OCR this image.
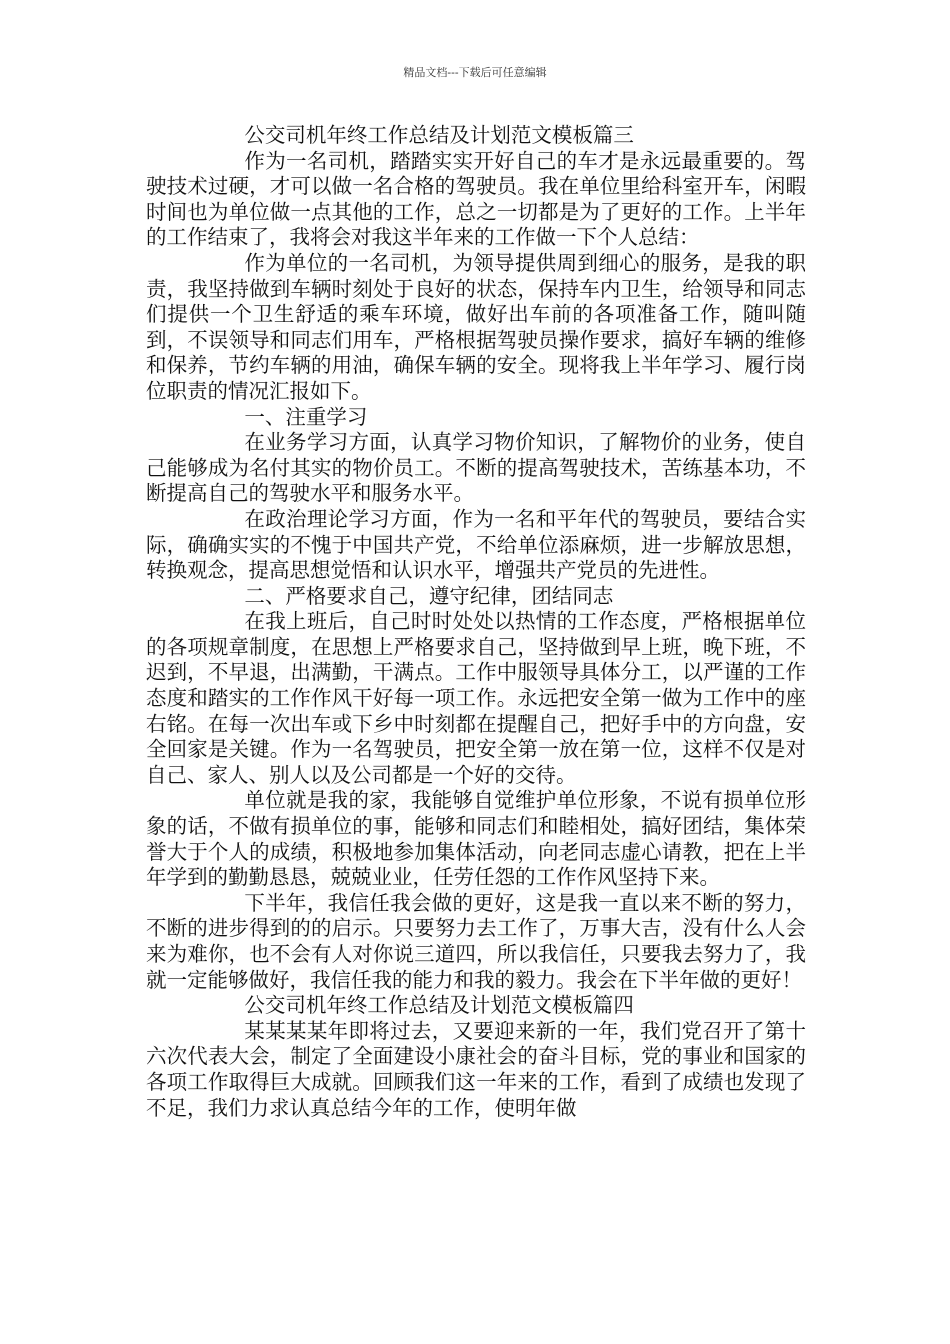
精品文档---下载后可任意编辑

公交司机年终工作总结及计划范文模板篇三

作为一名司机，踏踏实实开好自己的车才是永远最重要的。驾驶技术过硬，才可以做一名合格的驾驶员。我在单位里给科室开车，闲暇时间也为单位做一点其他的工作，总之一切都是为了更好的工作。上半年的工作结束了，我将会对我这半年来的工作做一下个人总结：

作为单位的一名司机，为领导提供周到细心的服务，是我的职责，我坚持做到车辆时刻处于良好的状态，保持车内卫生，给领导和同志们提供一个卫生舒适的乘车环境，做好出车前的各项准备工作，随叫随到，不误领导和同志们用车，严格根据驾驶员操作要求，搞好车辆的维修和保养，节约车辆的用油，确保车辆的安全。现将我上半年学习、履行岗位职责的情况汇报如下。

一、注重学习

在业务学习方面，认真学习物价知识，了解物价的业务，使自己能够成为名付其实的物价员工。不断的提高驾驶技术，苦练基本功，不断提高自己的驾驶水平和服务水平。

在政治理论学习方面，作为一名和平年代的驾驶员，要结合实际，确确实实的不愧于中国共产党，不给单位添麻烦，进一步解放思想，转换观念，提高思想觉悟和认识水平，增强共产党员的先进性。

二、严格要求自己，遵守纪律，团结同志

在我上班后，自己时时处处以热情的工作态度，严格根据单位的各项规章制度，在思想上严格要求自己，坚持做到早上班，晚下班，不迟到，不早退，出满勤，干满点。工作中服领导具体分工，以严谨的工作态度和踏实的工作作风干好每一项工作。永远把安全第一做为工作中的座右铭。在每一次出车或下乡中时刻都在提醒自己，把好手中的方向盘，安全回家是关键。作为一名驾驶员，把安全第一放在第一位，这样不仅是对自己、家人、别人以及公司都是一个好的交待。

单位就是我的家，我能够自觉维护单位形象，不说有损单位形象的话，不做有损单位的事，能够和同志们和睦相处，搞好团结，集体荣誉大于个人的成绩，积极地参加集体活动，向老同志虚心请教，把在上半年学到的勤勤恳恳，兢兢业业，任劳任怨的工作作风坚持下来。

下半年，我信任我会做的更好，这是我一直以来不断的努力，不断的进步得到的的启示。只要努力去工作了，万事大吉，没有什么人会来为难你，也不会有人对你说三道四，所以我信任，只要我去努力了，我就一定能够做好，我信任我的能力和我的毅力。我会在下半年做的更好！

公交司机年终工作总结及计划范文模板篇四

某某某某年即将过去，又要迎来新的一年，我们党召开了第十六次代表大会，制定了全面建设小康社会的奋斗目标，党的事业和国家的各项工作取得巨大成就。回顾我们这一年来的工作，看到了成绩也发现了不足，我们力求认真总结今年的工作，使明年做
